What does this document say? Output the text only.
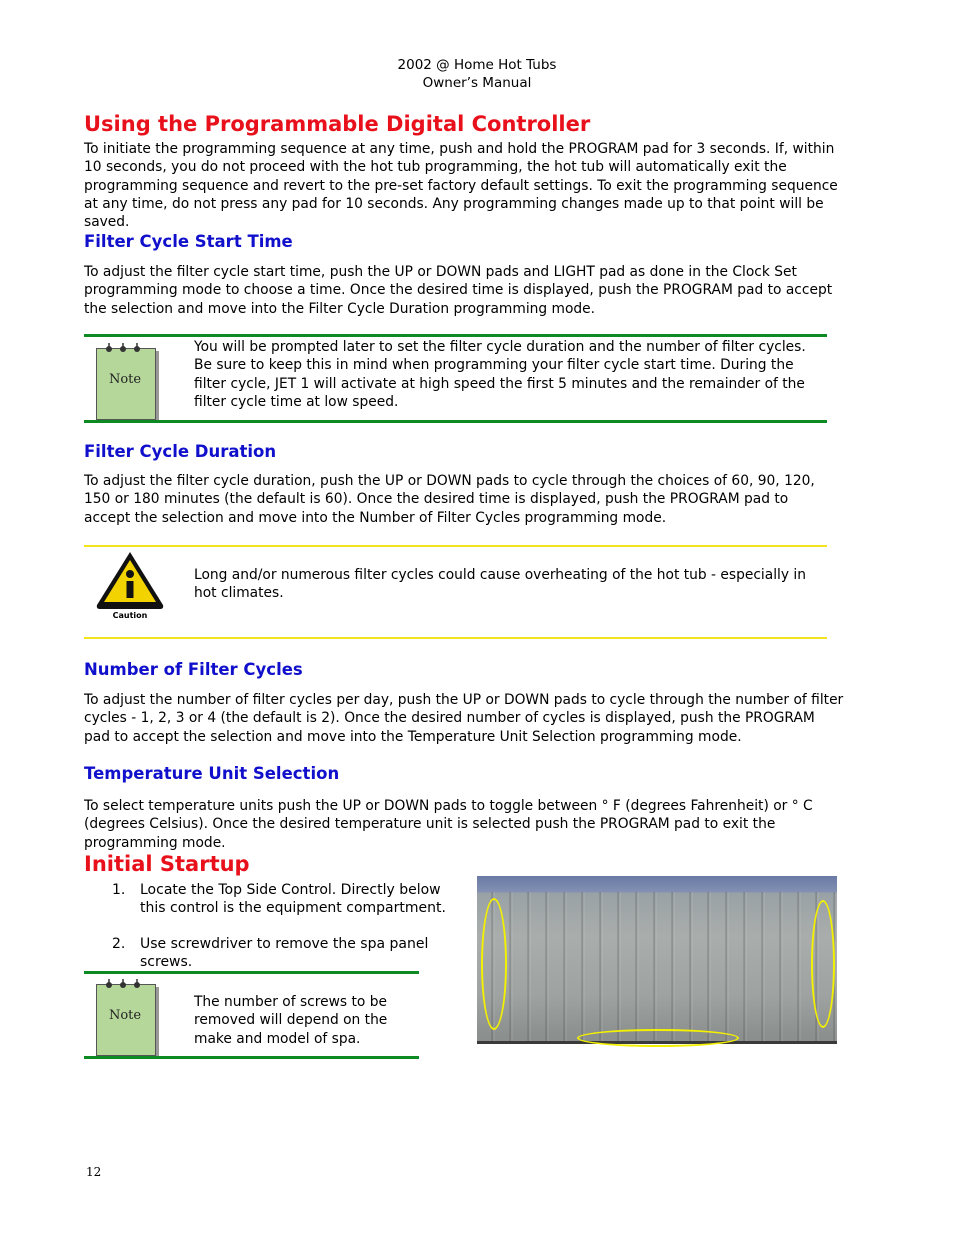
2002 @ Home Hot Tubs
Owner’s Manual
Using the Programmable Digital Controller

To initiate the programming sequence at any time, push and hold the PROGRAM pad for 3 seconds. If, within 10 seconds, you do not proceed with the hot tub programming, the hot tub will automatically exit the programming sequence and revert to the pre-set factory default settings. To exit the programming sequence at any time, do not press any pad for 10 seconds. Any programming changes made up to that point will be saved.

Filter Cycle Start Time

To adjust the filter cycle start time, push the UP or DOWN pads and LIGHT pad as done in the Clock Set programming mode to choose a time. Once the desired time is displayed, push the PROGRAM pad to accept the selection and move into the Filter Cycle Duration programming mode.

Note

You will be prompted later to set the filter cycle duration and the number of filter cycles. Be sure to keep this in mind when programming your filter cycle start time. During the filter cycle, JET 1 will activate at high speed the first 5 minutes and the remainder of the filter cycle time at low speed.

Filter Cycle Duration

To adjust the filter cycle duration, push the UP or DOWN pads to cycle through the choices of 60, 90, 120, 150 or 180 minutes (the default is 60). Once the desired time is displayed, push the PROGRAM pad to accept the selection and move into the Number of Filter Cycles programming mode.

Caution

Long and/or numerous filter cycles could cause overheating of the hot tub - especially in hot climates.

Number of Filter Cycles

To adjust the number of filter cycles per day, push the UP or DOWN pads to cycle through the number of filter cycles - 1, 2, 3 or 4 (the default is 2). Once the desired number of cycles is displayed, push the PROGRAM pad to accept the selection and move into the Temperature Unit Selection programming mode.

Temperature Unit Selection

To select temperature units push the UP or DOWN pads to toggle between ° F (degrees Fahrenheit) or ° C (degrees Celsius). Once the desired temperature unit is selected push the PROGRAM pad to exit the programming mode.

Initial Startup
1. Locate the Top Side Control. Directly below this control is the equipment compartment.
2. Use screwdriver to remove the spa panel screws.
Note

The number of screws to be removed will depend on the make and model of spa.

12
